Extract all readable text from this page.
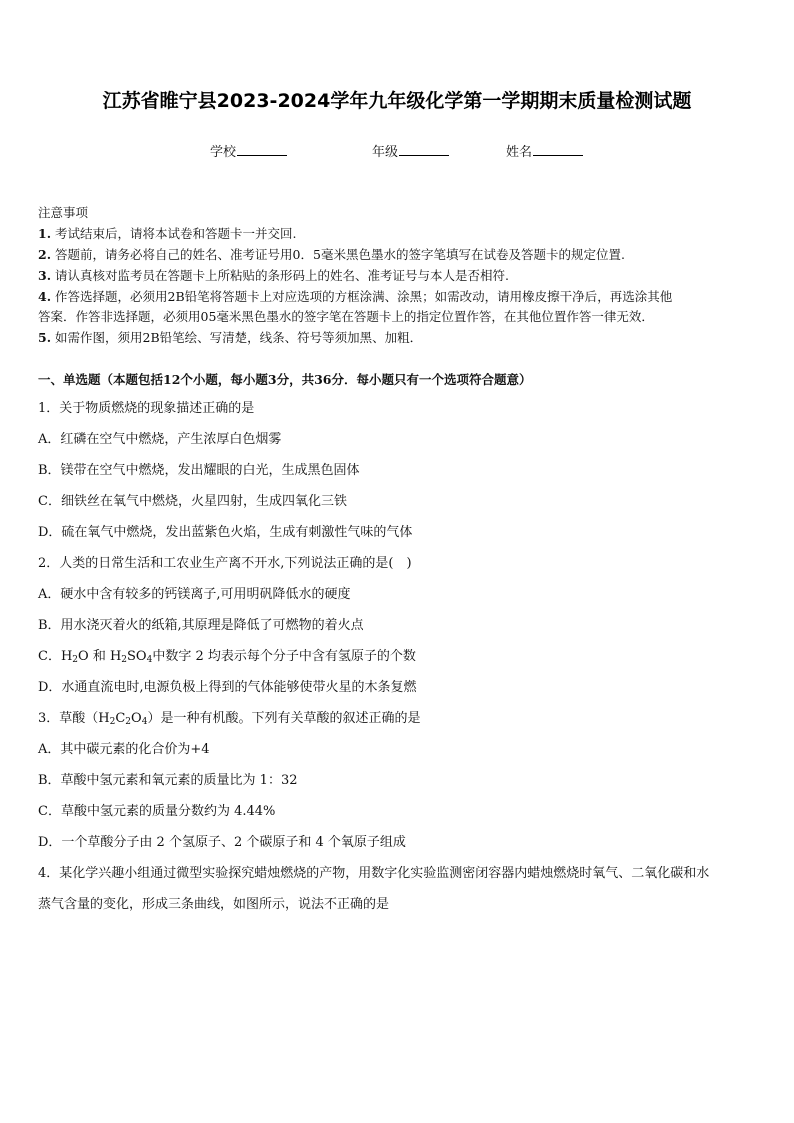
江苏省睢宁县2023-2024学年九年级化学第一学期期末质量检测试题
学校	年级	姓名
注意事项
1. 考试结束后，请将本试卷和答题卡一并交回.
2. 答题前，请务必将自己的姓名、准考证号用0．5毫米黑色墨水的签字笔填写在试卷及答题卡的规定位置.
3. 请认真核对监考员在答题卡上所粘贴的条形码上的姓名、准考证号与本人是否相符.
4. 作答选择题，必须用2B铅笔将答题卡上对应选项的方框涂满、涂黑；如需改动，请用橡皮擦干净后，再选涂其他
答案．作答非选择题，必须用05毫米黑色墨水的签字笔在答题卡上的指定位置作答，在其他位置作答一律无效．
5. 如需作图，须用2B铅笔绘、写清楚，线条、符号等须加黑、加粗．
一、单选题（本题包括12个小题，每小题3分，共36分．每小题只有一个选项符合题意）
1．关于物质燃烧的现象描述正确的是
A．红磷在空气中燃烧，产生浓厚白色烟雾
B．镁带在空气中燃烧，发出耀眼的白光，生成黑色固体
C．细铁丝在氧气中燃烧，火星四射，生成四氧化三铁
D．硫在氧气中燃烧，发出蓝紫色火焰，生成有刺激性气味的气体
2．人类的日常生活和工农业生产离不开水,下列说法正确的是(　)
A．硬水中含有较多的钙镁离子,可用明矾降低水的硬度
B．用水浇灭着火的纸箱,其原理是降低了可燃物的着火点
C．$H_2O$ 和 $H_2SO_4$中数字 2 均表示每个分子中含有氢原子的个数
D．水通直流电时,电源负极上得到的气体能够使带火星的木条复燃
3．草酸$(H_2C_2O_4)$是一种有机酸。下列有关草酸的叙述正确的是
A．其中碳元素的化合价为+4
B．草酸中氢元素和氧元素的质量比为 1：32
C．草酸中氢元素的质量分数约为 4.44%
D．一个草酸分子由 2 个氢原子、2 个碳原子和 4 个氧原子组成
4．某化学兴趣小组通过微型实验探究蜡烛燃烧的产物，用数字化实验监测密闭容器内蜡烛燃烧时氧气、二氧化碳和水
蒸气含量的变化，形成三条曲线，如图所示，说法不正确的是
